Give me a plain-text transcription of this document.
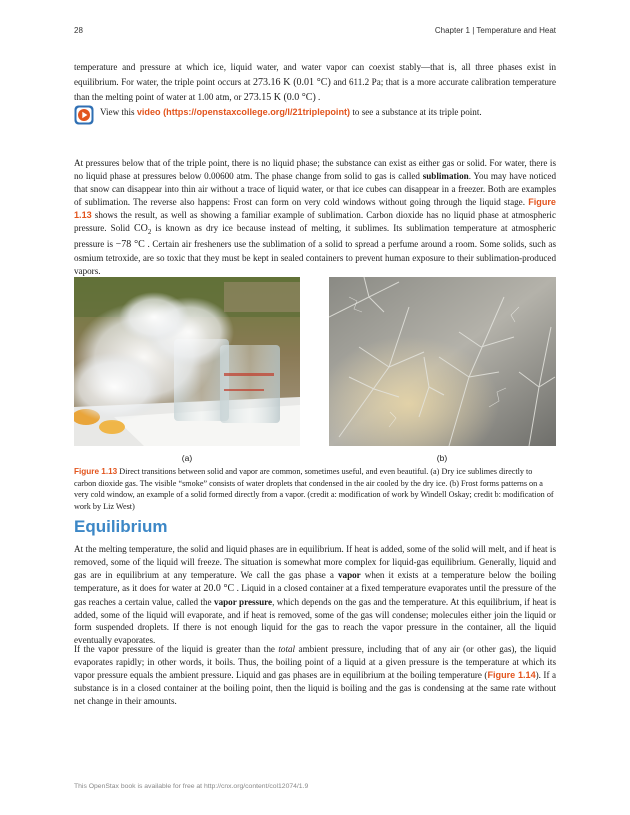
28	Chapter 1 | Temperature and Heat

temperature and pressure at which ice, liquid water, and water vapor can coexist stably—that is, all three phases exist in equilibrium. For water, the triple point occurs at 273.16 K (0.01 °C) and 611.2 Pa; that is a more accurate calibration temperature than the melting point of water at 1.00 atm, or 273.15 K (0.0 °C) .

View this video (https://openstaxcollege.org/l/21triplepoint) to see a substance at its triple point.

At pressures below that of the triple point, there is no liquid phase; the substance can exist as either gas or solid. For water, there is no liquid phase at pressures below 0.00600 atm. The phase change from solid to gas is called sublimation. You may have noticed that snow can disappear into thin air without a trace of liquid water, or that ice cubes can disappear in a freezer. Both are examples of sublimation. The reverse also happens: Frost can form on very cold windows without going through the liquid stage. Figure 1.13 shows the result, as well as showing a familiar example of sublimation. Carbon dioxide has no liquid phase at atmospheric pressure. Solid $CO_2$ is known as dry ice because instead of melting, it sublimes. Its sublimation temperature at atmospheric pressure is −78 °C . Certain air fresheners use the sublimation of a solid to spread a perfume around a room. Some solids, such as osmium tetroxide, are so toxic that they must be kept in sealed containers to prevent human exposure to their sublimation-produced vapors.

(a)	(b)

Figure 1.13 Direct transitions between solid and vapor are common, sometimes useful, and even beautiful. (a) Dry ice sublimes directly to carbon dioxide gas. The visible “smoke” consists of water droplets that condensed in the air cooled by the dry ice. (b) Frost forms patterns on a very cold window, an example of a solid formed directly from a vapor. (credit a: modification of work by Windell Oskay; credit b: modification of work by Liz West)

Equilibrium

At the melting temperature, the solid and liquid phases are in equilibrium. If heat is added, some of the solid will melt, and if heat is removed, some of the liquid will freeze. The situation is somewhat more complex for liquid-gas equilibrium. Generally, liquid and gas are in equilibrium at any temperature. We call the gas phase a vapor when it exists at a temperature below the boiling temperature, as it does for water at 20.0 °C . Liquid in a closed container at a fixed temperature evaporates until the pressure of the gas reaches a certain value, called the vapor pressure, which depends on the gas and the temperature. At this equilibrium, if heat is added, some of the liquid will evaporate, and if heat is removed, some of the gas will condense; molecules either join the liquid or form suspended droplets. If there is not enough liquid for the gas to reach the vapor pressure in the container, all the liquid eventually evaporates.

If the vapor pressure of the liquid is greater than the total ambient pressure, including that of any air (or other gas), the liquid evaporates rapidly; in other words, it boils. Thus, the boiling point of a liquid at a given pressure is the temperature at which its vapor pressure equals the ambient pressure. Liquid and gas phases are in equilibrium at the boiling temperature (Figure 1.14). If a substance is in a closed container at the boiling point, then the liquid is boiling and the gas is condensing at the same rate without net change in their amounts.

This OpenStax book is available for free at http://cnx.org/content/col12074/1.9
